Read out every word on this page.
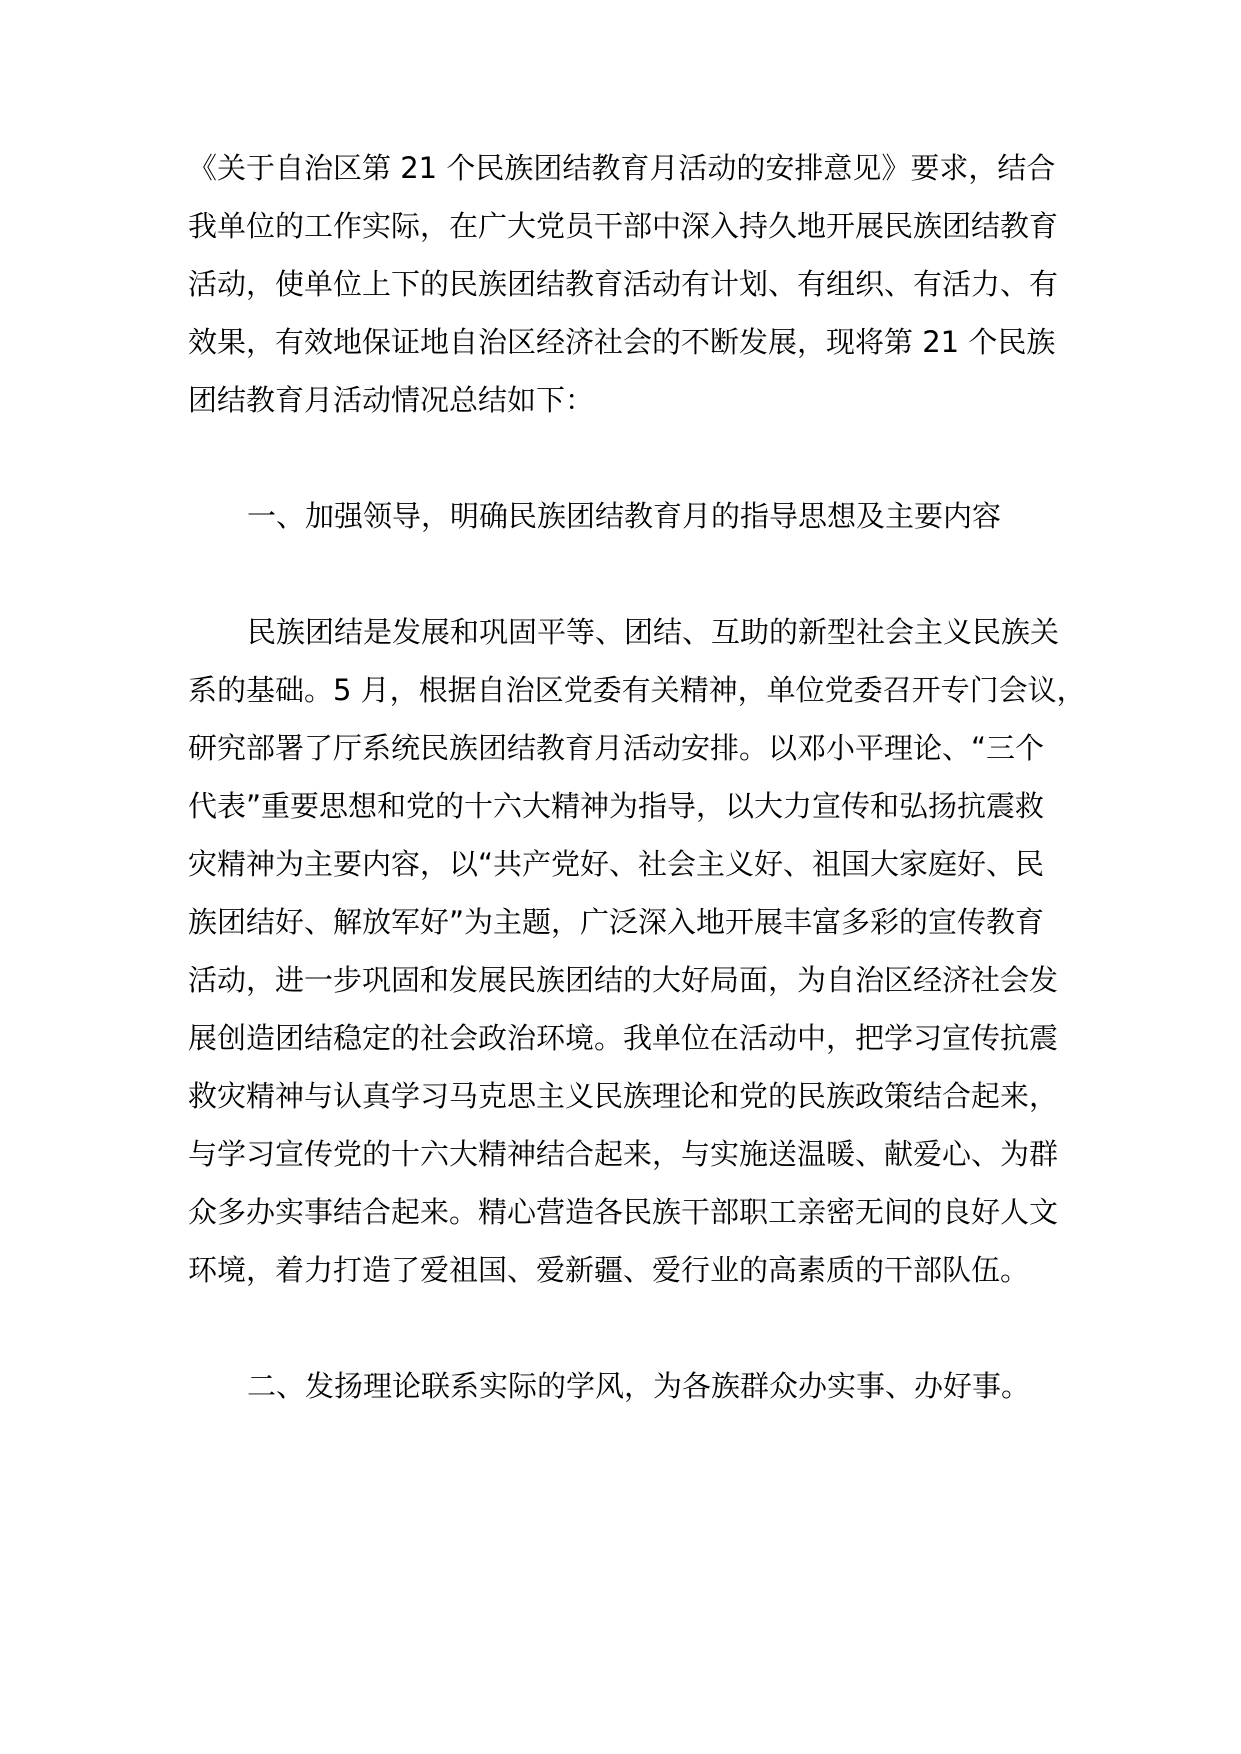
《关于自治区第 21 个民族团结教育月活动的安排意见》要求，结合
我单位的工作实际，在广大党员干部中深入持久地开展民族团结教育
活动，使单位上下的民族团结教育活动有计划、有组织、有活力、有
效果，有效地保证地自治区经济社会的不断发展，现将第 21 个民族
团结教育月活动情况总结如下：
一、加强领导，明确民族团结教育月的指导思想及主要内容
民族团结是发展和巩固平等、团结、互助的新型社会主义民族关
系的基础。5 月，根据自治区党委有关精神，单位党委召开专门会议，
研究部署了厅系统民族团结教育月活动安排。以邓小平理论、“三个
代表”重要思想和党的十六大精神为指导，以大力宣传和弘扬抗震救
灾精神为主要内容，以“共产党好、社会主义好、祖国大家庭好、民
族团结好、解放军好”为主题，广泛深入地开展丰富多彩的宣传教育
活动，进一步巩固和发展民族团结的大好局面，为自治区经济社会发
展创造团结稳定的社会政治环境。我单位在活动中，把学习宣传抗震
救灾精神与认真学习马克思主义民族理论和党的民族政策结合起来，
与学习宣传党的十六大精神结合起来，与实施送温暖、献爱心、为群
众多办实事结合起来。精心营造各民族干部职工亲密无间的良好人文
环境，着力打造了爱祖国、爱新疆、爱行业的高素质的干部队伍。
二、发扬理论联系实际的学风，为各族群众办实事、办好事。
